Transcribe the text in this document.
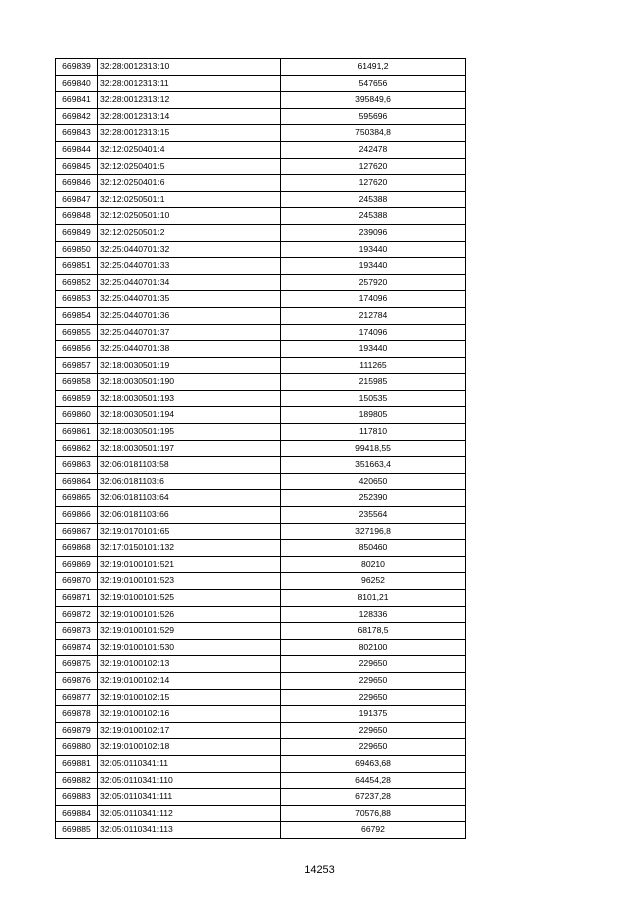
669839	32:28:0012313:10	61491,2
669840	32:28:0012313:11	547656
669841	32:28:0012313:12	395849,6
669842	32:28:0012313:14	595696
669843	32:28:0012313:15	750384,8
669844	32:12:0250401:4	242478
669845	32:12:0250401:5	127620
669846	32:12:0250401:6	127620
669847	32:12:0250501:1	245388
669848	32:12:0250501:10	245388
669849	32:12:0250501:2	239096
669850	32:25:0440701:32	193440
669851	32:25:0440701:33	193440
669852	32:25:0440701:34	257920
669853	32:25:0440701:35	174096
669854	32:25:0440701:36	212784
669855	32:25:0440701:37	174096
669856	32:25:0440701:38	193440
669857	32:18:0030501:19	111265
669858	32:18:0030501:190	215985
669859	32:18:0030501:193	150535
669860	32:18:0030501:194	189805
669861	32:18:0030501:195	117810
669862	32:18:0030501:197	99418,55
669863	32:06:0181103:58	351663,4
669864	32:06:0181103:6	420650
669865	32:06:0181103:64	252390
669866	32:06:0181103:66	235564
669867	32:19:0170101:65	327196,8
669868	32:17:0150101:132	850460
669869	32:19:0100101:521	80210
669870	32:19:0100101:523	96252
669871	32:19:0100101:525	8101,21
669872	32:19:0100101:526	128336
669873	32:19:0100101:529	68178,5
669874	32:19:0100101:530	802100
669875	32:19:0100102:13	229650
669876	32:19:0100102:14	229650
669877	32:19:0100102:15	229650
669878	32:19:0100102:16	191375
669879	32:19:0100102:17	229650
669880	32:19:0100102:18	229650
669881	32:05:0110341:11	69463,68
669882	32:05:0110341:110	64454,28
669883	32:05:0110341:111	67237,28
669884	32:05:0110341:112	70576,88
669885	32:05:0110341:113	66792
14253
